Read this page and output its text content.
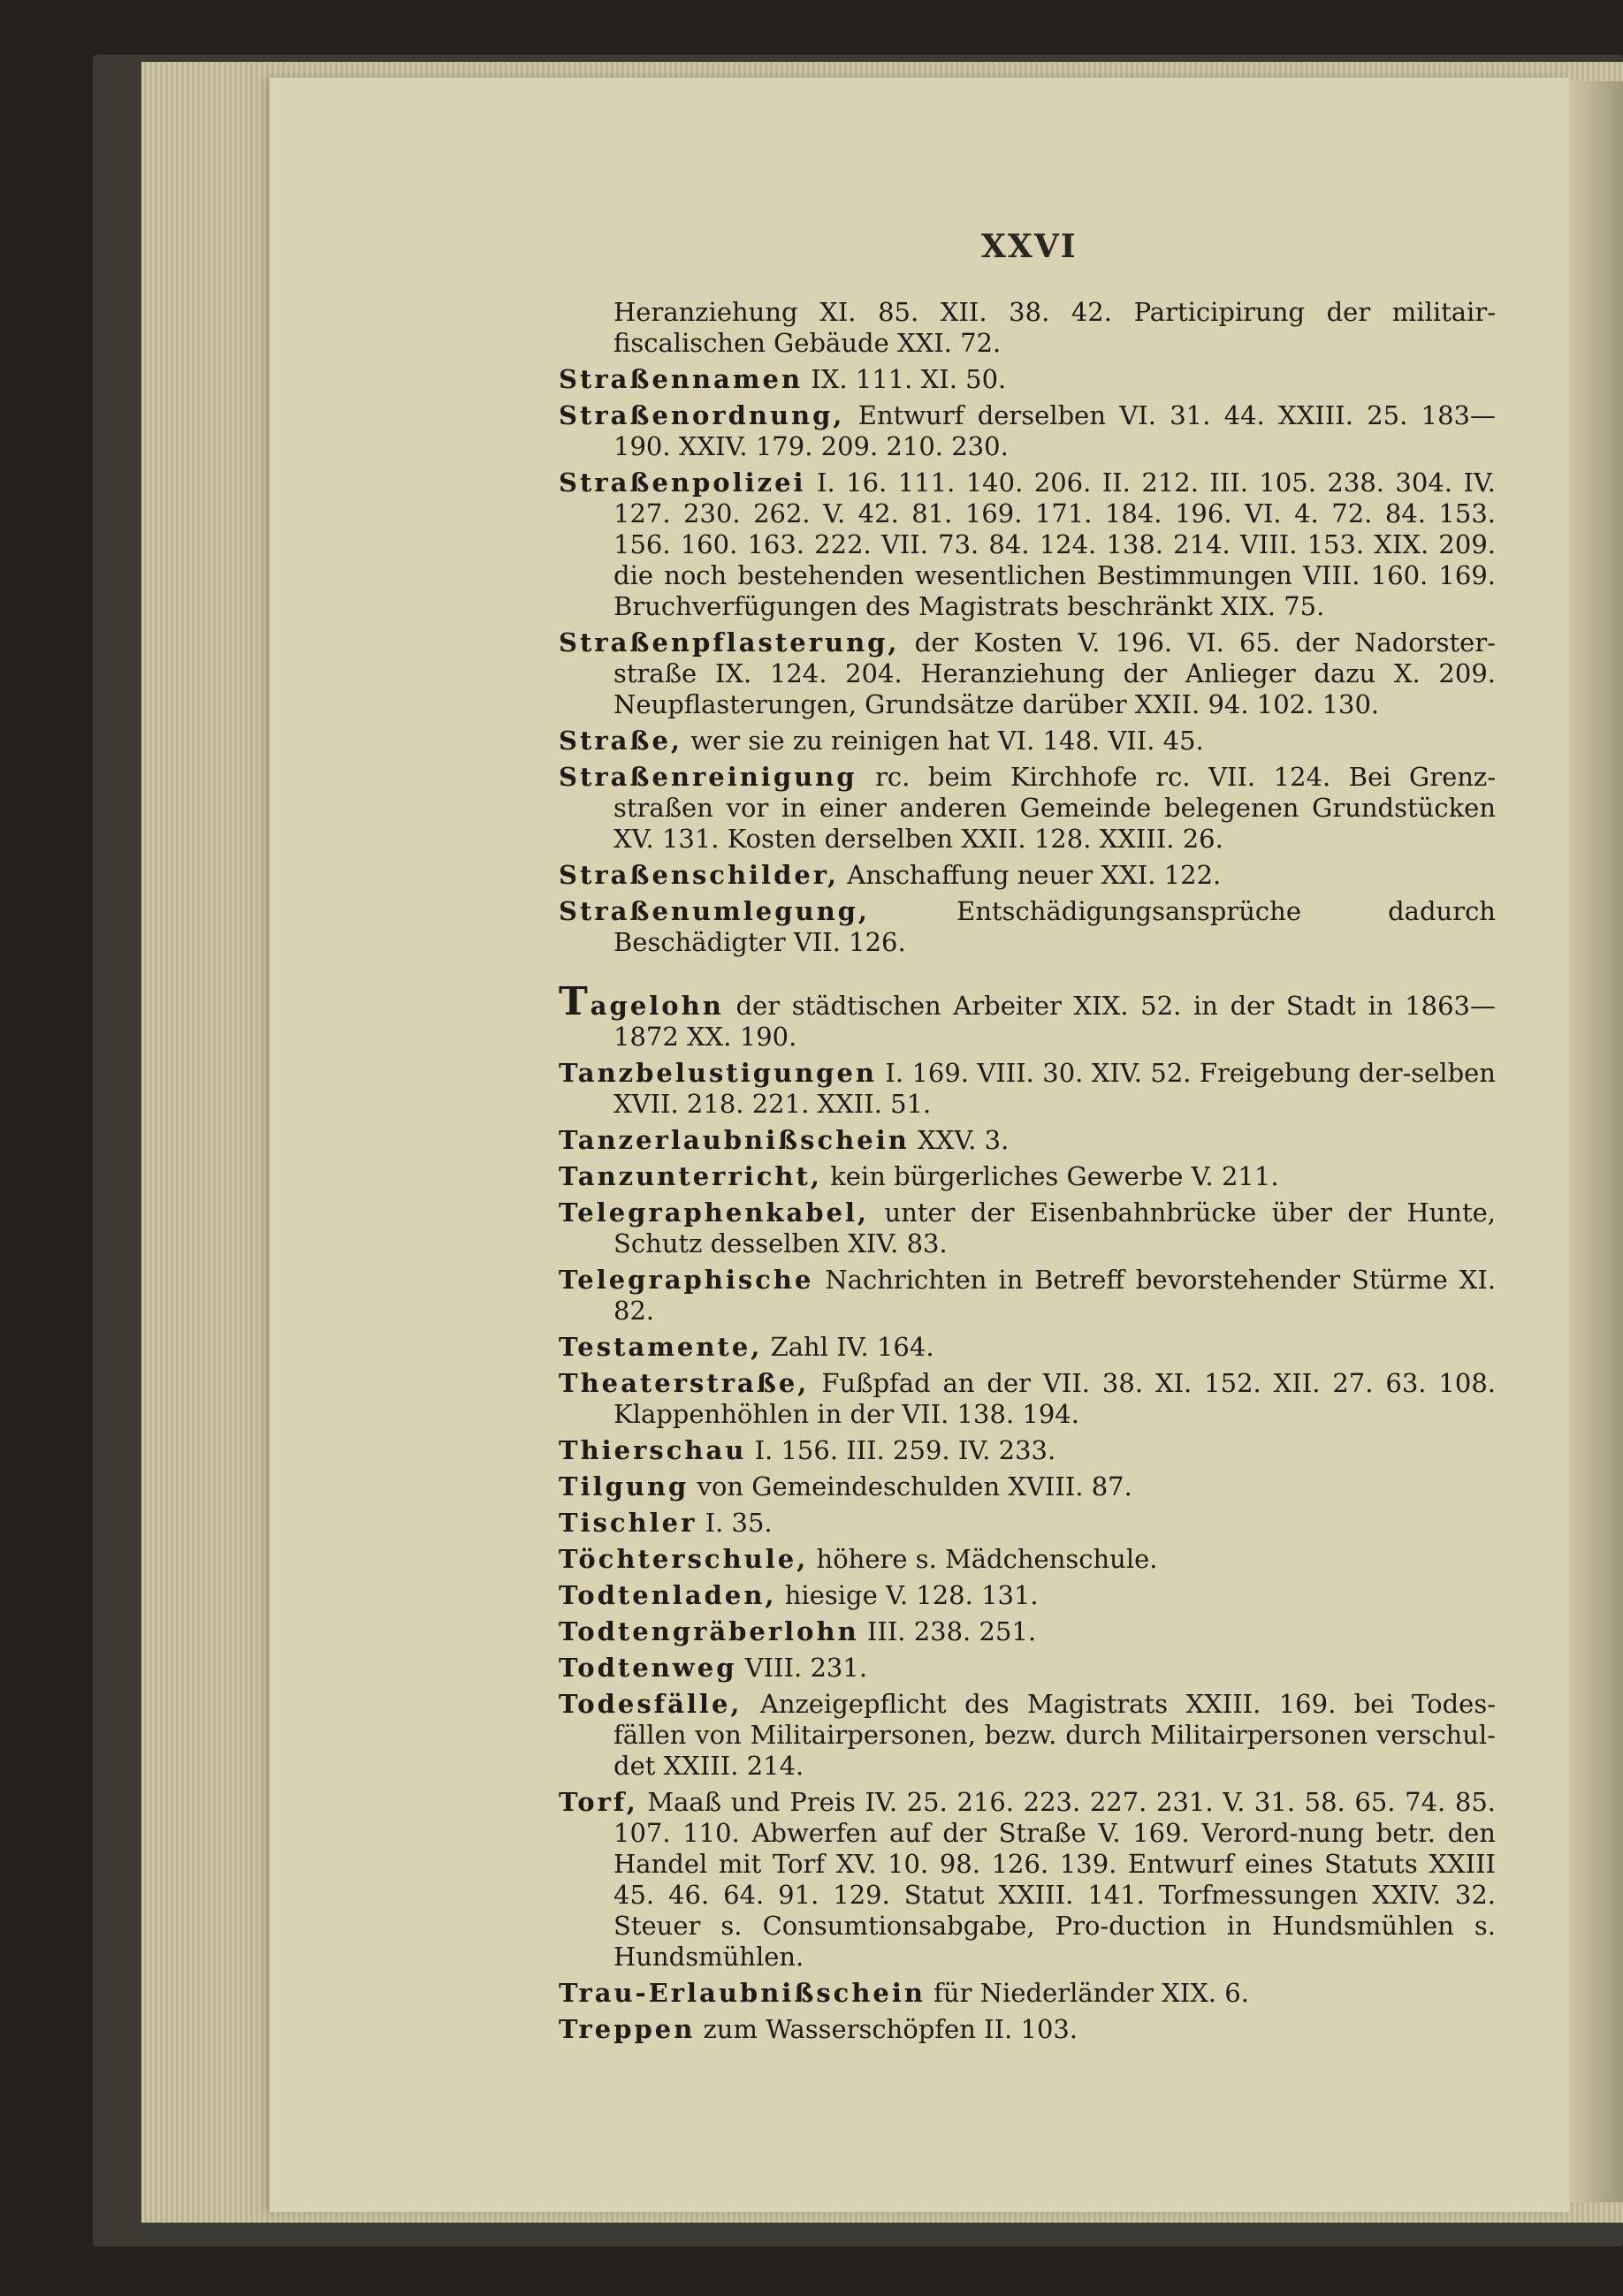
XXVI

Heranziehung XI. 85. XII. 38. 42. Participirung der militair-fiscalischen Gebäude XXI. 72.

Straßennamen IX. 111. XI. 50.

Straßenordnung, Entwurf derselben VI. 31. 44. XXIII. 25. 183—190. XXIV. 179. 209. 210. 230.

Straßenpolizei I. 16. 111. 140. 206. II. 212. III. 105. 238. 304. IV. 127. 230. 262. V. 42. 81. 169. 171. 184. 196. VI. 4. 72. 84. 153. 156. 160. 163. 222. VII. 73. 84. 124. 138. 214. VIII. 153. XIX. 209. die noch bestehenden wesentlichen Bestimmungen VIII. 160. 169. Bruchverfügungen des Magistrats beschränkt XIX. 75.

Straßenpflasterung, der Kosten V. 196. VI. 65. der Nadorster-straße IX. 124. 204. Heranziehung der Anlieger dazu X. 209. Neupflasterungen, Grundsätze darüber XXII. 94. 102. 130.

Straße, wer sie zu reinigen hat VI. 148. VII. 45.

Straßenreinigung rc. beim Kirchhofe rc. VII. 124. Bei Grenz-straßen vor in einer anderen Gemeinde belegenen Grundstücken XV. 131. Kosten derselben XXII. 128. XXIII. 26.

Straßenschilder, Anschaffung neuer XXI. 122.

Straßenumlegung, Entschädigungsansprüche dadurch Beschädigter VII. 126.

Tagelohn der städtischen Arbeiter XIX. 52. in der Stadt in 1863—1872 XX. 190.

Tanzbelustigungen I. 169. VIII. 30. XIV. 52. Freigebung der-selben XVII. 218. 221. XXII. 51.

Tanzerlaubnißschein XXV. 3.

Tanzunterricht, kein bürgerliches Gewerbe V. 211.

Telegraphenkabel, unter der Eisenbahnbrücke über der Hunte, Schutz desselben XIV. 83.

Telegraphische Nachrichten in Betreff bevorstehender Stürme XI. 82.

Testamente, Zahl IV. 164.

Theaterstraße, Fußpfad an der VII. 38. XI. 152. XII. 27. 63. 108. Klappenhöhlen in der VII. 138. 194.

Thierschau I. 156. III. 259. IV. 233.

Tilgung von Gemeindeschulden XVIII. 87.

Tischler I. 35.

Töchterschule, höhere s. Mädchenschule.

Todtenladen, hiesige V. 128. 131.

Todtengräberlohn III. 238. 251.

Todtenweg VIII. 231.

Todesfälle, Anzeigepflicht des Magistrats XXIII. 169. bei Todes-fällen von Militairpersonen, bezw. durch Militairpersonen verschul-det XXIII. 214.

Torf, Maaß und Preis IV. 25. 216. 223. 227. 231. V. 31. 58. 65. 74. 85. 107. 110. Abwerfen auf der Straße V. 169. Verord-nung betr. den Handel mit Torf XV. 10. 98. 126. 139. Entwurf eines Statuts XXIII 45. 46. 64. 91. 129. Statut XXIII. 141. Torfmessungen XXIV. 32. Steuer s. Consumtionsabgabe, Pro-duction in Hundsmühlen s. Hundsmühlen.

Trau-Erlaubnißschein für Niederländer XIX. 6.

Treppen zum Wasserschöpfen II. 103.
